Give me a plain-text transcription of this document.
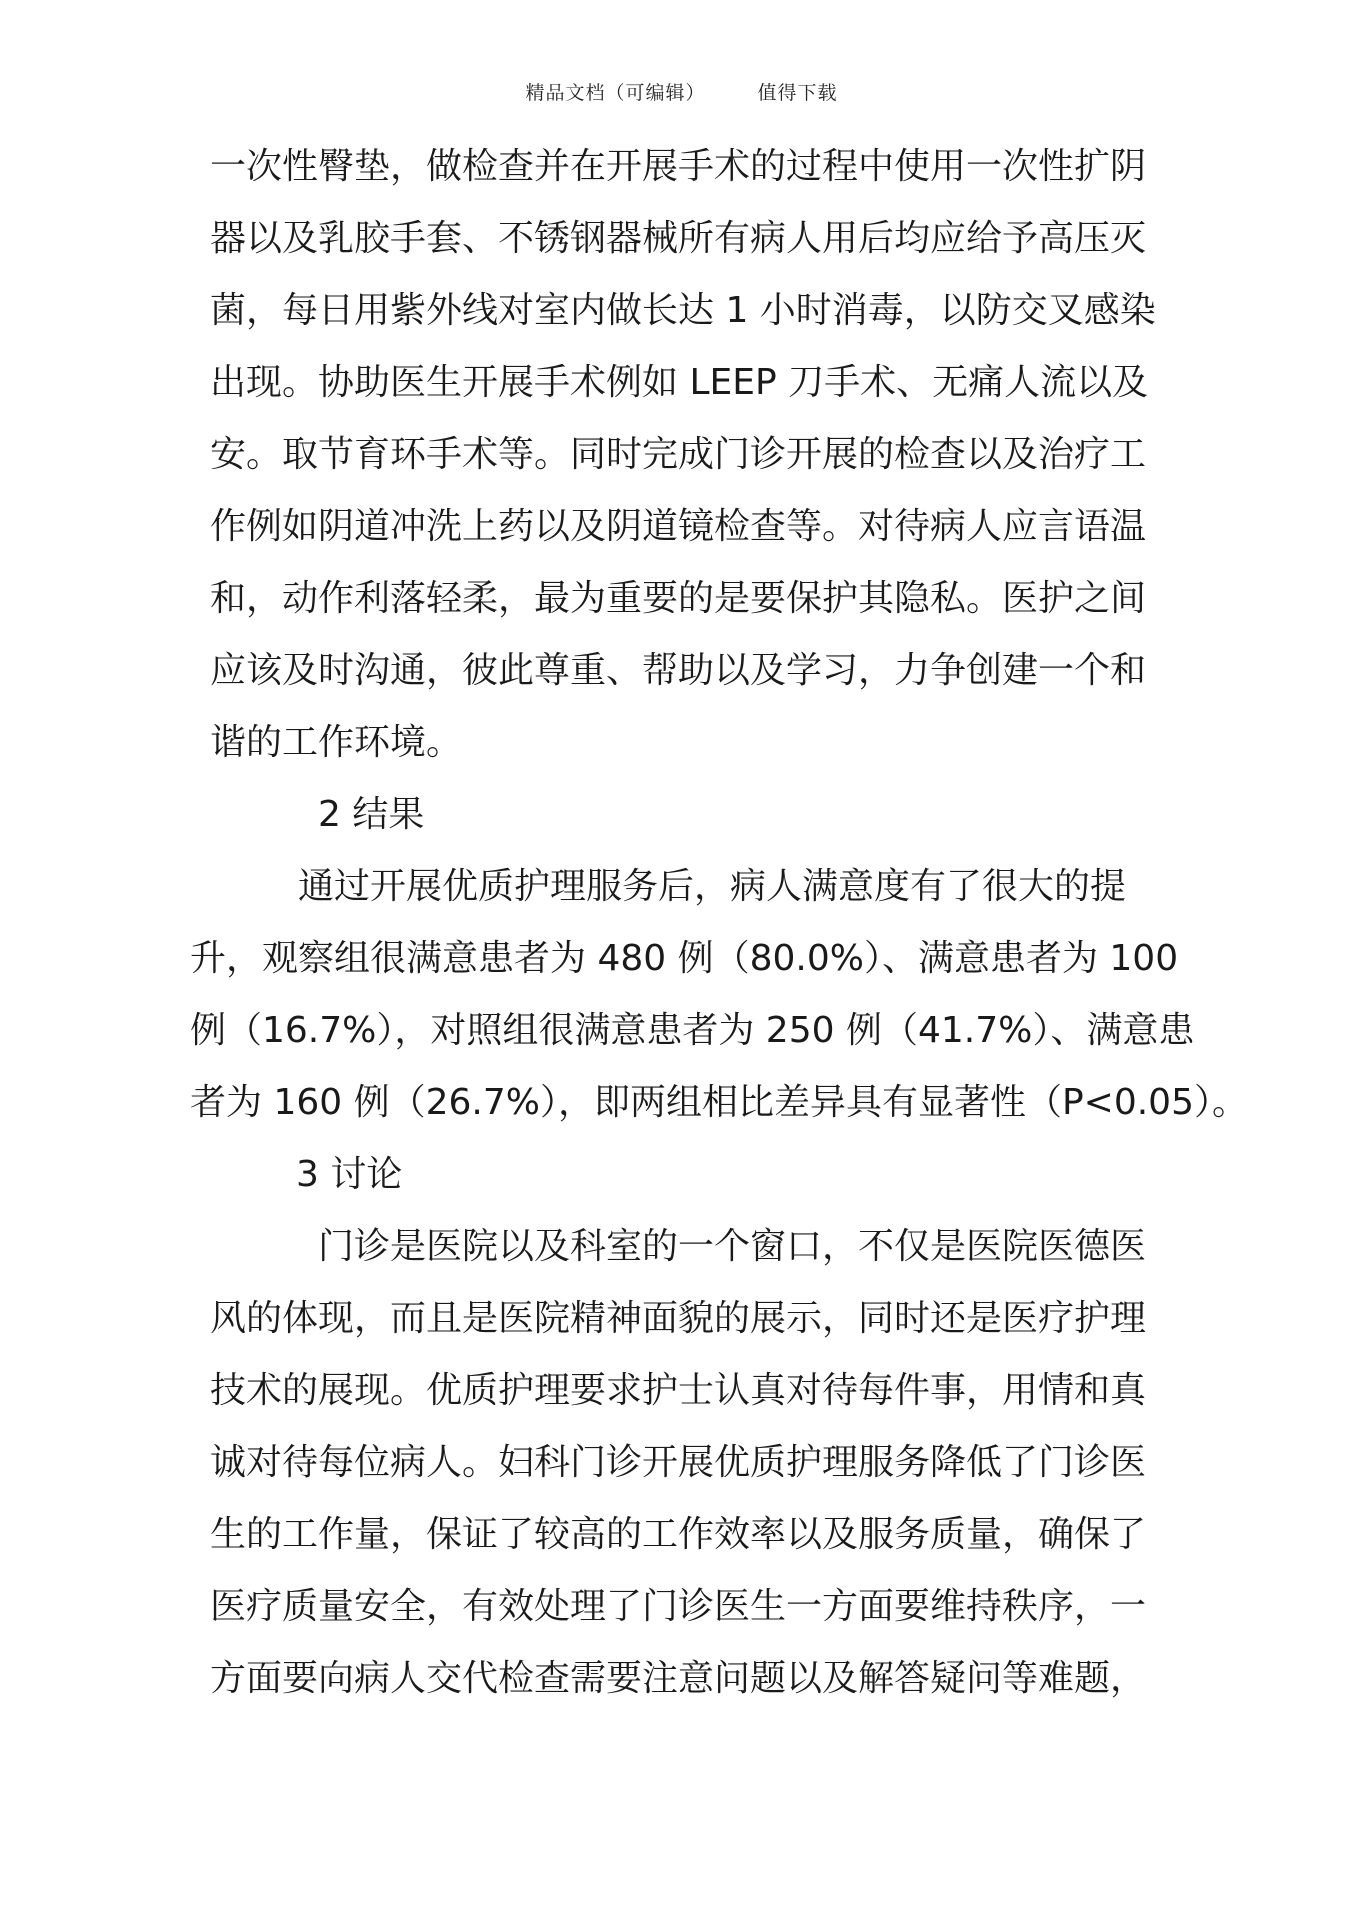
精品文档（可编辑）	值得下载
一次性臀垫，做检查并在开展手术的过程中使用一次性扩阴
器以及乳胶手套、不锈钢器械所有病人用后均应给予高压灭
菌，每日用紫外线对室内做长达 1 小时消毒，以防交叉感染
出现。协助医生开展手术例如 LEEP 刀手术、无痛人流以及
安。取节育环手术等。同时完成门诊开展的检查以及治疗工
作例如阴道冲洗上药以及阴道镜检查等。对待病人应言语温
和，动作利落轻柔，最为重要的是要保护其隐私。医护之间
应该及时沟通，彼此尊重、帮助以及学习，力争创建一个和
谐的工作环境。
2 结果
通过开展优质护理服务后，病人满意度有了很大的提
升，观察组很满意患者为 480 例（80.0%）、满意患者为 100
例（16.7%），对照组很满意患者为 250 例（41.7%）、满意患
者为 160 例（26.7%），即两组相比差异具有显著性（P<0.05）。
3 讨论
门诊是医院以及科室的一个窗口，不仅是医院医德医
风的体现，而且是医院精神面貌的展示，同时还是医疗护理
技术的展现。优质护理要求护士认真对待每件事，用情和真
诚对待每位病人。妇科门诊开展优质护理服务降低了门诊医
生的工作量，保证了较高的工作效率以及服务质量，确保了
医疗质量安全，有效处理了门诊医生一方面要维持秩序，一
方面要向病人交代检查需要注意问题以及解答疑问等难题，
